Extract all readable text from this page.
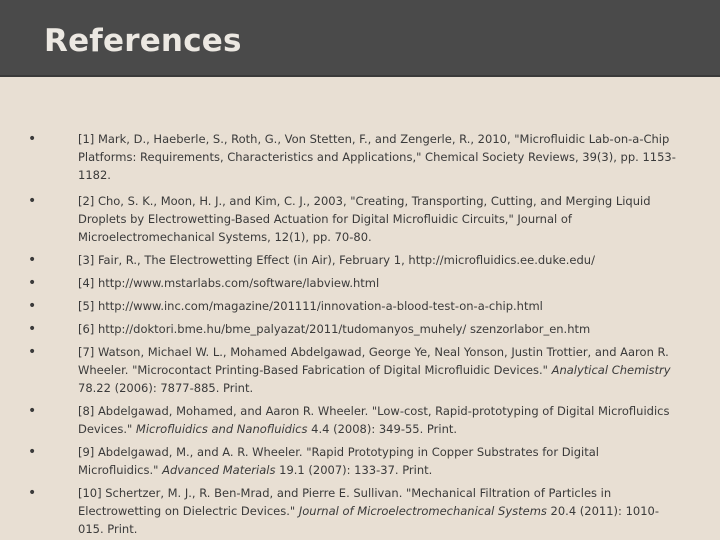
References
•	[1] Mark, D., Haeberle, S., Roth, G., Von Stetten, F., and Zengerle, R., 2010, "Microfluidic Lab-on-a-Chip Platforms: Requirements, Characteristics and Applications," Chemical Society Reviews, 39(3), pp. 1153-1182.
•	[2] Cho, S. K., Moon, H. J., and Kim, C. J., 2003, "Creating, Transporting, Cutting, and Merging Liquid Droplets by Electrowetting-Based Actuation for Digital Microfluidic Circuits," Journal of Microelectromechanical Systems, 12(1), pp. 70-80.
•	[3] Fair, R., The Electrowetting Effect (in Air), February 1, http://microfluidics.ee.duke.edu/
•	[4] http://www.mstarlabs.com/software/labview.html
•	[5] http://www.inc.com/magazine/201111/innovation-a-blood-test-on-a-chip.html
•	[6] http://doktori.bme.hu/bme_palyazat/2011/tudomanyos_muhely/ szenzorlabor_en.htm
•	[7] Watson, Michael W. L., Mohamed Abdelgawad, George Ye, Neal Yonson, Justin Trottier, and Aaron R. Wheeler. "Microcontact Printing-Based Fabrication of Digital Microfluidic Devices." Analytical Chemistry 78.22 (2006): 7877-885. Print.
•	[8] Abdelgawad, Mohamed, and Aaron R. Wheeler. "Low-cost, Rapid-prototyping of Digital Microfluidics Devices." Microfluidics and Nanofluidics 4.4 (2008): 349-55. Print.
•	[9] Abdelgawad, M., and A. R. Wheeler. "Rapid Prototyping in Copper Substrates for Digital Microfluidics." Advanced Materials 19.1 (2007): 133-37. Print.
•	[10] Schertzer, M. J., R. Ben-Mrad, and Pierre E. Sullivan. "Mechanical Filtration of Particles in Electrowetting on Dielectric Devices." Journal of Microelectromechanical Systems 20.4 (2011): 1010-015. Print.
